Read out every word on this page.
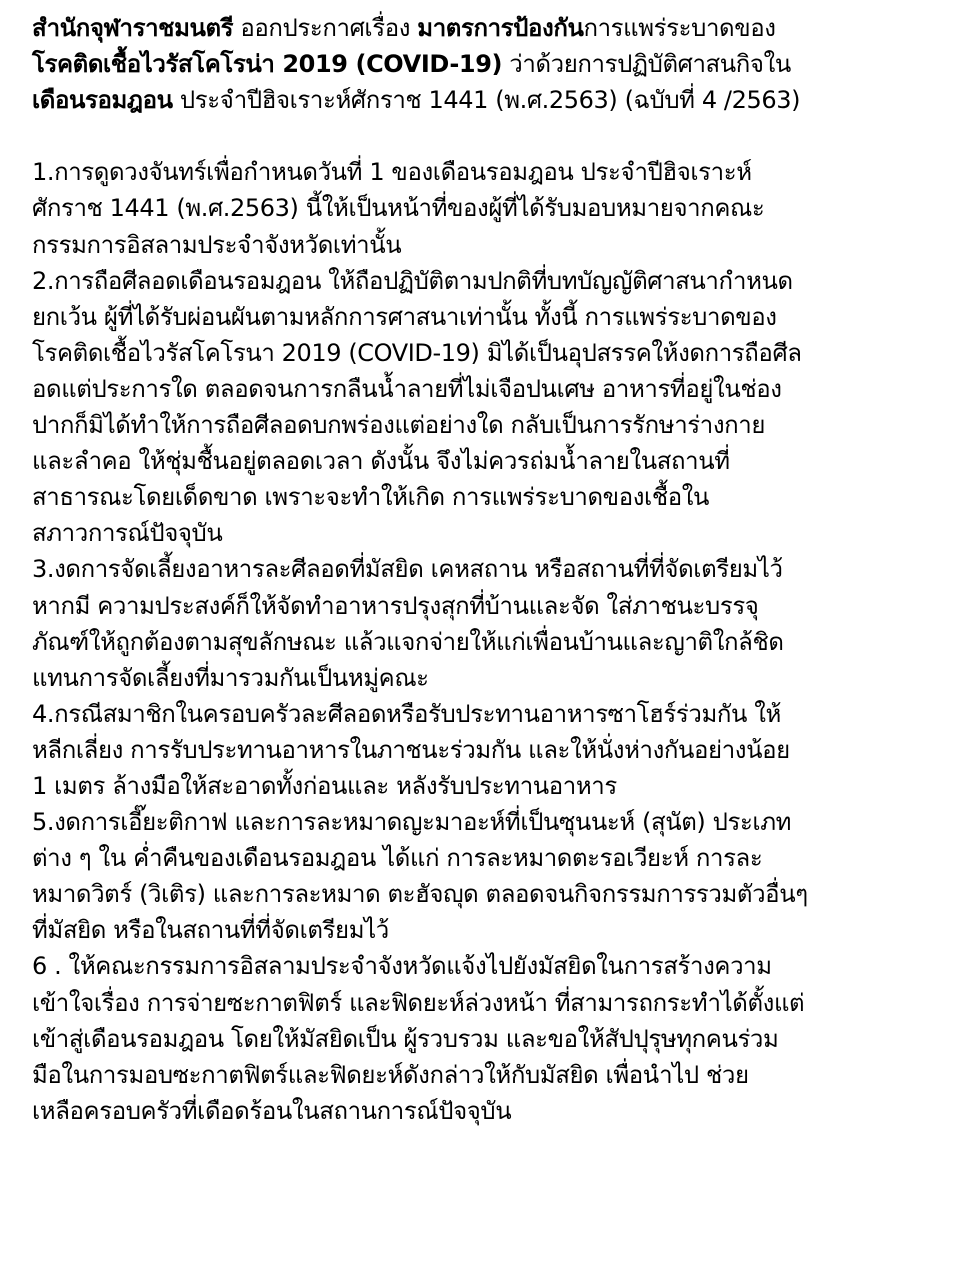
สำนักจุฬาราชมนตรี ออกประกาศเรื่อง มาตรการป้องกันการแพร่ระบาดของ
โรคติดเชื้อไวรัสโคโรน่า 2019 (COVID-19) ว่าด้วยการปฏิบัติศาสนกิจใน
เดือนรอมฎอน ประจำปีฮิจเราะห์ศักราช 1441 (พ.ศ.2563) (ฉบับที่ 4 /2563)
1.การดูดวงจันทร์เพื่อกำหนดวันที่ 1 ของเดือนรอมฎอน ประจำปีฮิจเราะห์
ศักราช 1441 (พ.ศ.2563) นี้ให้เป็นหน้าที่ของผู้ที่ได้รับมอบหมายจากคณะ
กรรมการอิสลามประจำจังหวัดเท่านั้น
2.การถือศีลอดเดือนรอมฎอน ให้ถือปฏิบัติตามปกติที่บทบัญญัติศาสนากำหนด
ยกเว้น ผู้ที่ได้รับผ่อนผันตามหลักการศาสนาเท่านั้น ทั้งนี้ การแพร่ระบาดของ
โรคติดเชื้อไวรัสโคโรนา 2019 (COVID-19) มิได้เป็นอุปสรรคให้งดการถือศีล
อดแต่ประการใด ตลอดจนการกลืนน้ำลายที่ไม่เจือปนเศษ อาหารที่อยู่ในช่อง
ปากก็มิได้ทำให้การถือศีลอดบกพร่องแต่อย่างใด กลับเป็นการรักษาร่างกาย
และลำคอ ให้ชุ่มชื้นอยู่ตลอดเวลา ดังนั้น จึงไม่ควรถ่มน้ำลายในสถานที่
สาธารณะโดยเด็ดขาด เพราะจะทำให้เกิด การแพร่ระบาดของเชื้อใน
สภาวการณ์ปัจจุบัน
3.งดการจัดเลี้ยงอาหารละศีลอดที่มัสยิด เคหสถาน หรือสถานที่ที่จัดเตรียมไว้
หากมี ความประสงค์ก็ให้จัดทำอาหารปรุงสุกที่บ้านและจัด ใส่ภาชนะบรรจุ
ภัณฑ์ให้ถูกต้องตามสุขลักษณะ แล้วแจกจ่ายให้แก่เพื่อนบ้านและญาติใกล้ชิด
แทนการจัดเลี้ยงที่มารวมกันเป็นหมู่คณะ
4.กรณีสมาชิกในครอบครัวละศีลอดหรือรับประทานอาหารซาโฮร์ร่วมกัน ให้
หลีกเลี่ยง การรับประทานอาหารในภาชนะร่วมกัน และให้นั่งห่างกันอย่างน้อย
1 เมตร ล้างมือให้สะอาดทั้งก่อนและ หลังรับประทานอาหาร
5.งดการเอี๊ยะติกาฟ และการละหมาดญะมาอะห์ที่เป็นซุนนะห์ (สุนัต) ประเภท
ต่าง ๆ ใน ค่ำคืนของเดือนรอมฎอน ได้แก่ การละหมาดตะรอเวียะห์ การละ
หมาดวิตร์ (วิเติร) และการละหมาด ตะฮัจญุด ตลอดจนกิจกรรมการรวมตัวอื่นๆ
ที่มัสยิด หรือในสถานที่ที่จัดเตรียมไว้
6 . ให้คณะกรรมการอิสลามประจำจังหวัดแจ้งไปยังมัสยิดในการสร้างความ
เข้าใจเรื่อง การจ่ายซะกาตฟิตร์ และฟิดยะห์ล่วงหน้า ที่สามารถกระทำได้ตั้งแต่
เข้าสู่เดือนรอมฎอน โดยให้มัสยิดเป็น ผู้รวบรวม และขอให้สัปปุรุษทุกคนร่วม
มือในการมอบซะกาตฟิตร์และฟิดยะห์ดังกล่าวให้กับมัสยิด เพื่อนำไป ช่วย
เหลือครอบครัวที่เดือดร้อนในสถานการณ์ปัจจุบัน
